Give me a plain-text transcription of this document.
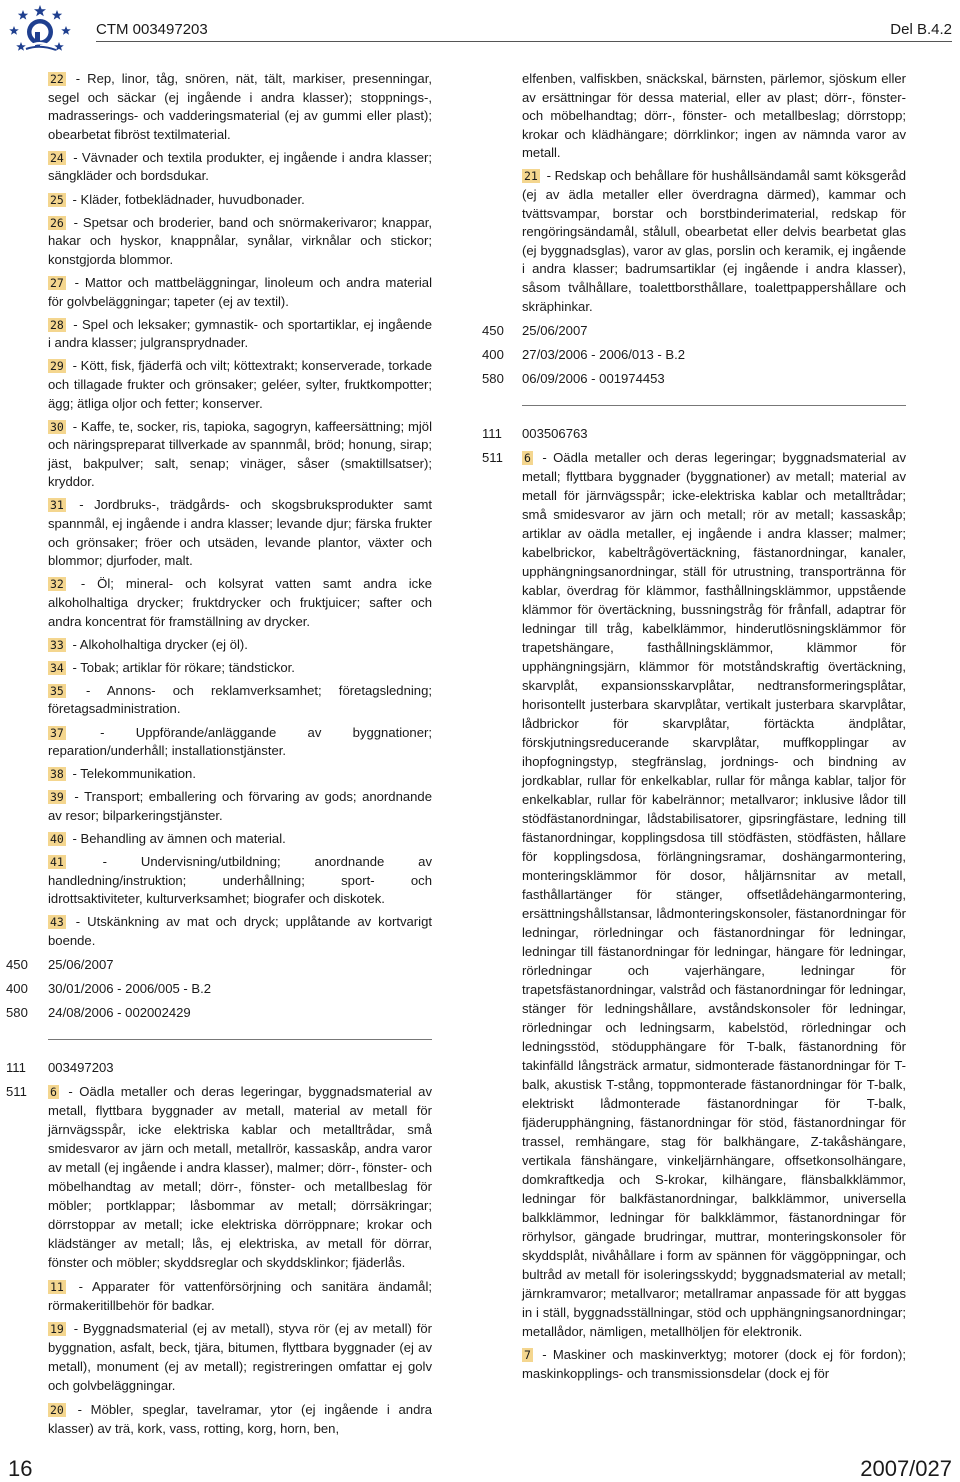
CTM 003497203	Del B.4.2

22 - Rep, linor, tåg, snören, nät, tält, markiser, presenningar, segel och säckar (ej ingående i andra klasser); stoppnings-, madrasserings- och vadderingsmaterial (ej av gummi eller plast); obearbetat fibröst textilmaterial.

24 - Vävnader och textila produkter, ej ingående i andra klasser; sängkläder och bordsdukar.

25 - Kläder, fotbeklädnader, huvudbonader.

26 - Spetsar och broderier, band och snörmakerivaror; knappar, hakar och hyskor, knappnålar, synålar, virknålar och stickor; konstgjorda blommor.

27 - Mattor och mattbeläggningar, linoleum och andra material för golvbeläggningar; tapeter (ej av textil).

28 - Spel och leksaker; gymnastik- och sportartiklar, ej ingående i andra klasser; julgransprydnader.

29 - Kött, fisk, fjäderfä och vilt; köttextrakt; konserverade, torkade och tillagade frukter och grönsaker; geléer, sylter, fruktkompotter; ägg; ätliga oljor och fetter; konserver.

30 - Kaffe, te, socker, ris, tapioka, sagogryn, kaffeersättning; mjöl och näringspreparat tillverkade av spannmål, bröd; honung, sirap; jäst, bakpulver; salt, senap; vinäger, såser (smaktillsatser); kryddor.

31 - Jordbruks-, trädgårds- och skogsbruksprodukter samt spannmål, ej ingående i andra klasser; levande djur; färska frukter och grönsaker; fröer och utsäden, levande plantor, växter och blommor; djurfoder, malt.

32 - Öl; mineral- och kolsyrat vatten samt andra icke alkoholhaltiga drycker; fruktdrycker och fruktjuicer; safter och andra koncentrat för framställning av drycker.

33 - Alkoholhaltiga drycker (ej öl).

34 - Tobak; artiklar för rökare; tändstickor.

35 - Annons- och reklamverksamhet; företagsledning; företagsadministration.

37 - Uppförande/anläggande av byggnationer; reparation/underhåll; installationstjänster.

38 - Telekommunikation.

39 - Transport; emballering och förvaring av gods; anordnande av resor; bilparkeringstjänster.

40 - Behandling av ämnen och material.

41 - Undervisning/utbildning; anordnande av handledning/instruktion; underhållning; sport- och idrottsaktiviteter, kulturverksamhet; biografer och diskotek.

43 - Utskänkning av mat och dryck; upplåtande av kortvarigt boende.

450	25/06/2007
400	30/01/2006 - 2006/005 - B.2
580	24/08/2006 - 002002429
111	003497203
511	6 - Oädla metaller och deras legeringar, byggnadsmaterial av metall, flyttbara byggnader av metall, material av metall för järnvägsspår, icke elektriska kablar och metalltrådar, små smidesvaror av järn och metall, metallrör, kassaskåp, andra varor av metall (ej ingående i andra klasser), malmer; dörr-, fönster- och möbelhandtag av metall; dörr-, fönster- och metallbeslag för möbler; portklappar; låsbommar av metall; dörrsäkringar; dörrstoppar av metall; icke elektriska dörröppnare; krokar och klädstänger av metall; lås, ej elektriska, av metall för dörrar, fönster och möbler; skyddsreglar och skyddsklinkor; fjäderlås.

11 - Apparater för vattenförsörjning och sanitära ändamål; rörmakeritillbehör för badkar.

19 - Byggnadsmaterial (ej av metall), styva rör (ej av metall) för byggnation, asfalt, beck, tjära, bitumen, flyttbara byggnader (ej av metall), monument (ej av metall); registreringen omfattar ej golv och golvbeläggningar.

20 - Möbler, speglar, tavelramar, ytor (ej ingående i andra klasser) av trä, kork, vass, rotting, korg, horn, ben,

elfenben, valfiskben, snäckskal, bärnsten, pärlemor, sjöskum eller av ersättningar för dessa material, eller av plast; dörr-, fönster- och möbelhandtag; dörr-, fönster- och metallbeslag; dörrstopp; krokar och klädhängare; dörrklinkor; ingen av nämnda varor av metall.

21 - Redskap och behållare för hushållsändamål samt köksgeråd (ej av ädla metaller eller överdragna därmed), kammar och tvättsvampar, borstar och borstbinderimaterial, redskap för rengöringsändamål, stålull, obearbetat eller delvis bearbetat glas (ej byggnadsglas), varor av glas, porslin och keramik, ej ingående i andra klasser; badrumsartiklar (ej ingående i andra klasser), såsom tvålhållare, toalettborsthållare, toalettpappershållare och skräphinkar.

450	25/06/2007
400	27/03/2006 - 2006/013 - B.2
580	06/09/2006 - 001974453
111	003506763
511	6 - Oädla metaller och deras legeringar; byggnadsmaterial av metall; flyttbara byggnader (byggnationer) av metall; material av metall för järnvägsspår; icke-elektriska kablar och metalltrådar; små smidesvaror av järn och metall; rör av metall; kassaskåp; artiklar av oädla metaller, ej ingående i andra klasser; malmer; kabelbrickor, kabeltrågövertäckning, fästanordningar, kanaler, upphängningsanordningar, ställ för utrustning, transportränna för kablar, överdrag för klämmor, fasthållningsklämmor, uppstående klämmor för övertäckning, bussningstråg för frånfall, adaptrar för ledningar till tråg, kabelklämmor, hinderutlösningsklämmor för trapetshängare, fasthållningsklämmor, klämmor för upphängningsjärn, klämmor för motståndskraftig övertäckning, skarvplåt, expansionsskarvplåtar, nedtransformeringsplåtar, horisontellt justerbara skarvplåtar, vertikalt justerbara skarvplåtar, lådbrickor för skarvplåtar, förtäckta ändplåtar, förskjutningsreducerande skarvplåtar, muffkopplingar av ihopfogningstyp, stegfränslag, jordnings- och bindning av jordkablar, rullar för enkelkablar, rullar för många kablar, taljor för enkelkablar, rullar för kabelrännor; metallvaror; inklusive lådor till stödfästanordningar, lådstabilisatorer, gipsringfästare, ledning till fästanordningar, kopplingsdosa till stödfästen, stödfästen, hållare för kopplingsdosa, förlängningsramar, doshängarmontering, monteringsklämmor för dosor, håljärnsnitar av metall, fasthållartänger för stänger, offsetlådehängarmontering, ersättningshållstansar, lådmonteringskonsoler, fästanordningar för ledningar, rörledningar och fästanordningar för ledningar, ledningar till fästanordningar för ledningar, hängare för ledningar, rörledningar och vajerhängare, ledningar för trapetsfästanordningar, valstråd och fästanordningar för ledningar, stänger för ledningshållare, avståndskonsoler för ledningar, rörledningar och ledningsarm, kabelstöd, rörledningar och ledningsstöd, stödupphängare för T-balk, fästanordning för takinfälld långsträck armatur, sidmonterade fästanordningar för T-balk, akustisk T-stång, toppmonterade fästanordningar för T-balk, elektriskt lådmonterade fästanordningar för T-balk, fjäderupphängning, fästanordningar för stöd, fästanordningar för trassel, remhängare, stag för balkhängare, Z-takåshängare, vertikala fänshängare, vinkeljärnhängare, offsetkonsolhängare, domkraftkedja och S-krokar, kilhängare, flänsbalkklämmor, ledningar för balkfästanordningar, balkklämmor, universella balkklämmor, ledningar för balkklämmor, fästanordningar för rörhylsor, gängade brudringar, muttrar, monteringskonsoler för skyddsplåt, nivåhållare i form av spännen för väggöppningar, och bultråd av metall för isoleringsskydd; byggnadsmaterial av metall; järnkramvaror; metallvaror; metallramar anpassade för att byggas in i ställ, byggnadsställningar, stöd och upphängningsanordningar; metallådor, nämligen, metallhöljen för elektronik.

7 - Maskiner och maskinverktyg; motorer (dock ej för fordon); maskinkopplings- och transmissionsdelar (dock ej för

16	2007/027
